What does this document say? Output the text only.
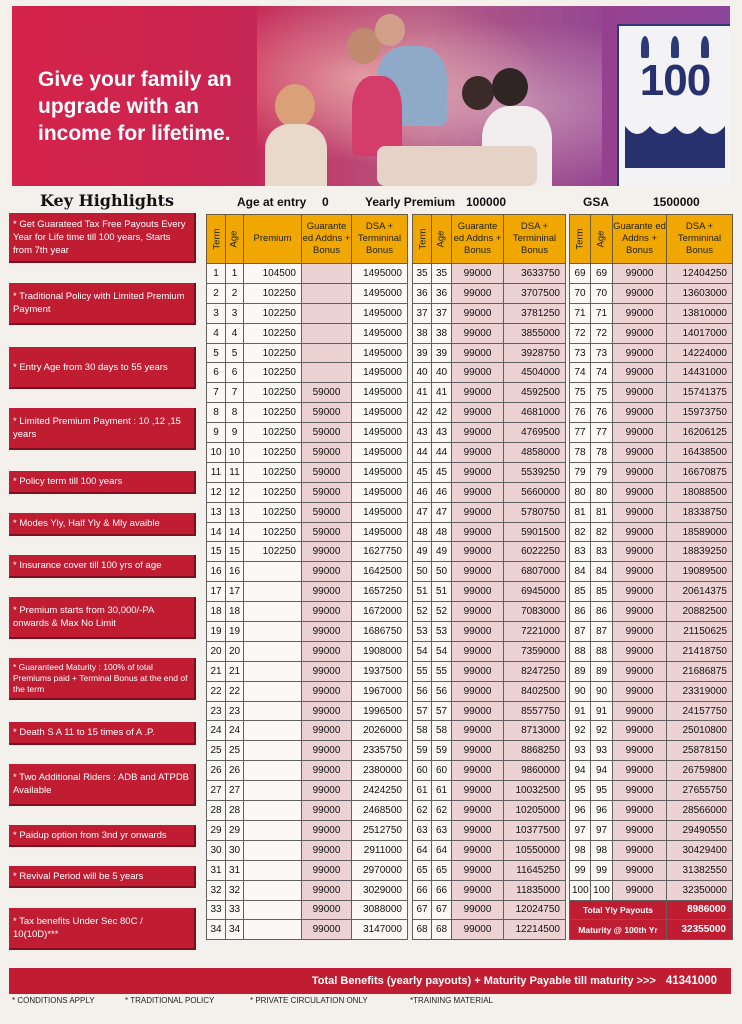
Give your family an upgrade with an income for lifetime.
100
Key Highlights	Age at entry 0	Yearly Premium 100000	GSA	1500000
* Get Guarateed Tax Free Payouts Every Year for Life time till 100 years, Starts from 7th year
* Traditional Policy with Limited Premium Payment
* Entry Age from 30 days to 55 years
* Limited Premium Payment : 10 ,12 ,15 years
* Policy term till 100 years
* Modes Yly, Half Yly & Mly avaible
* Insurance cover till 100 yrs of age
* Premium starts from 30,000/-PA onwards & Max No Limit
* Guaranteed Maturity : 100% of total Premiums paid + Terminal Bonus at the end of the term
* Death S A 11 to 15 times of A .P.
* Two Additional Riders : ADB and ATPDB Available
* Paidup option from 3nd yr onwards
* Revival Period will be 5 years
* Tax benefits Under Sec 80C / 10(10D)***
Term	Age	Premium	Guarante ed Addns + Bonus	DSA + Termininal Bonus
1	1	104500		1495000
2	2	102250		1495000
3	3	102250		1495000
4	4	102250		1495000
5	5	102250		1495000
6	6	102250		1495000
7	7	102250	59000	1495000
8	8	102250	59000	1495000
9	9	102250	59000	1495000
10	10	102250	59000	1495000
11	11	102250	59000	1495000
12	12	102250	59000	1495000
13	13	102250	59000	1495000
14	14	102250	59000	1495000
15	15	102250	99000	1627750
16	16		99000	1642500
17	17		99000	1657250
18	18		99000	1672000
19	19		99000	1686750
20	20		99000	1908000
21	21		99000	1937500
22	22		99000	1967000
23	23		99000	1996500
24	24		99000	2026000
25	25		99000	2335750
26	26		99000	2380000
27	27		99000	2424250
28	28		99000	2468500
29	29		99000	2512750
30	30		99000	2911000
31	31		99000	2970000
32	32		99000	3029000
33	33		99000	3088000
34	34		99000	3147000
Term	Age	Guarante ed Addns + Bonus	DSA + Termininal Bonus
35	35	99000	3633750
36	36	99000	3707500
37	37	99000	3781250
38	38	99000	3855000
39	39	99000	3928750
40	40	99000	4504000
41	41	99000	4592500
42	42	99000	4681000
43	43	99000	4769500
44	44	99000	4858000
45	45	99000	5539250
46	46	99000	5660000
47	47	99000	5780750
48	48	99000	5901500
49	49	99000	6022250
50	50	99000	6807000
51	51	99000	6945000
52	52	99000	7083000
53	53	99000	7221000
54	54	99000	7359000
55	55	99000	8247250
56	56	99000	8402500
57	57	99000	8557750
58	58	99000	8713000
59	59	99000	8868250
60	60	99000	9860000
61	61	99000	10032500
62	62	99000	10205000
63	63	99000	10377500
64	64	99000	10550000
65	65	99000	11645250
66	66	99000	11835000
67	67	99000	12024750
68	68	99000	12214500
Term	Age	Guarante ed Addns + Bonus	DSA + Termininal Bonus
69	69	99000	12404250
70	70	99000	13603000
71	71	99000	13810000
72	72	99000	14017000
73	73	99000	14224000
74	74	99000	14431000
75	75	99000	15741375
76	76	99000	15973750
77	77	99000	16206125
78	78	99000	16438500
79	79	99000	16670875
80	80	99000	18088500
81	81	99000	18338750
82	82	99000	18589000
83	83	99000	18839250
84	84	99000	19089500
85	85	99000	20614375
86	86	99000	20882500
87	87	99000	21150625
88	88	99000	21418750
89	89	99000	21686875
90	90	99000	23319000
91	91	99000	24157750
92	92	99000	25010800
93	93	99000	25878150
94	94	99000	26759800
95	95	99000	27655750
96	96	99000	28566000
97	97	99000	29490550
98	98	99000	30429400
99	99	99000	31382550
100	100	99000	32350000
Total Yly Payouts			8986000
Maturity @ 100th Yr			32355000
Total Benefits (yearly payouts) + Maturity Payable till maturity >>> 41341000
* CONDITIONS APPLY	* TRADITIONAL POLICY	* PRIVATE CIRCULATION ONLY	*TRAINING MATERIAL
